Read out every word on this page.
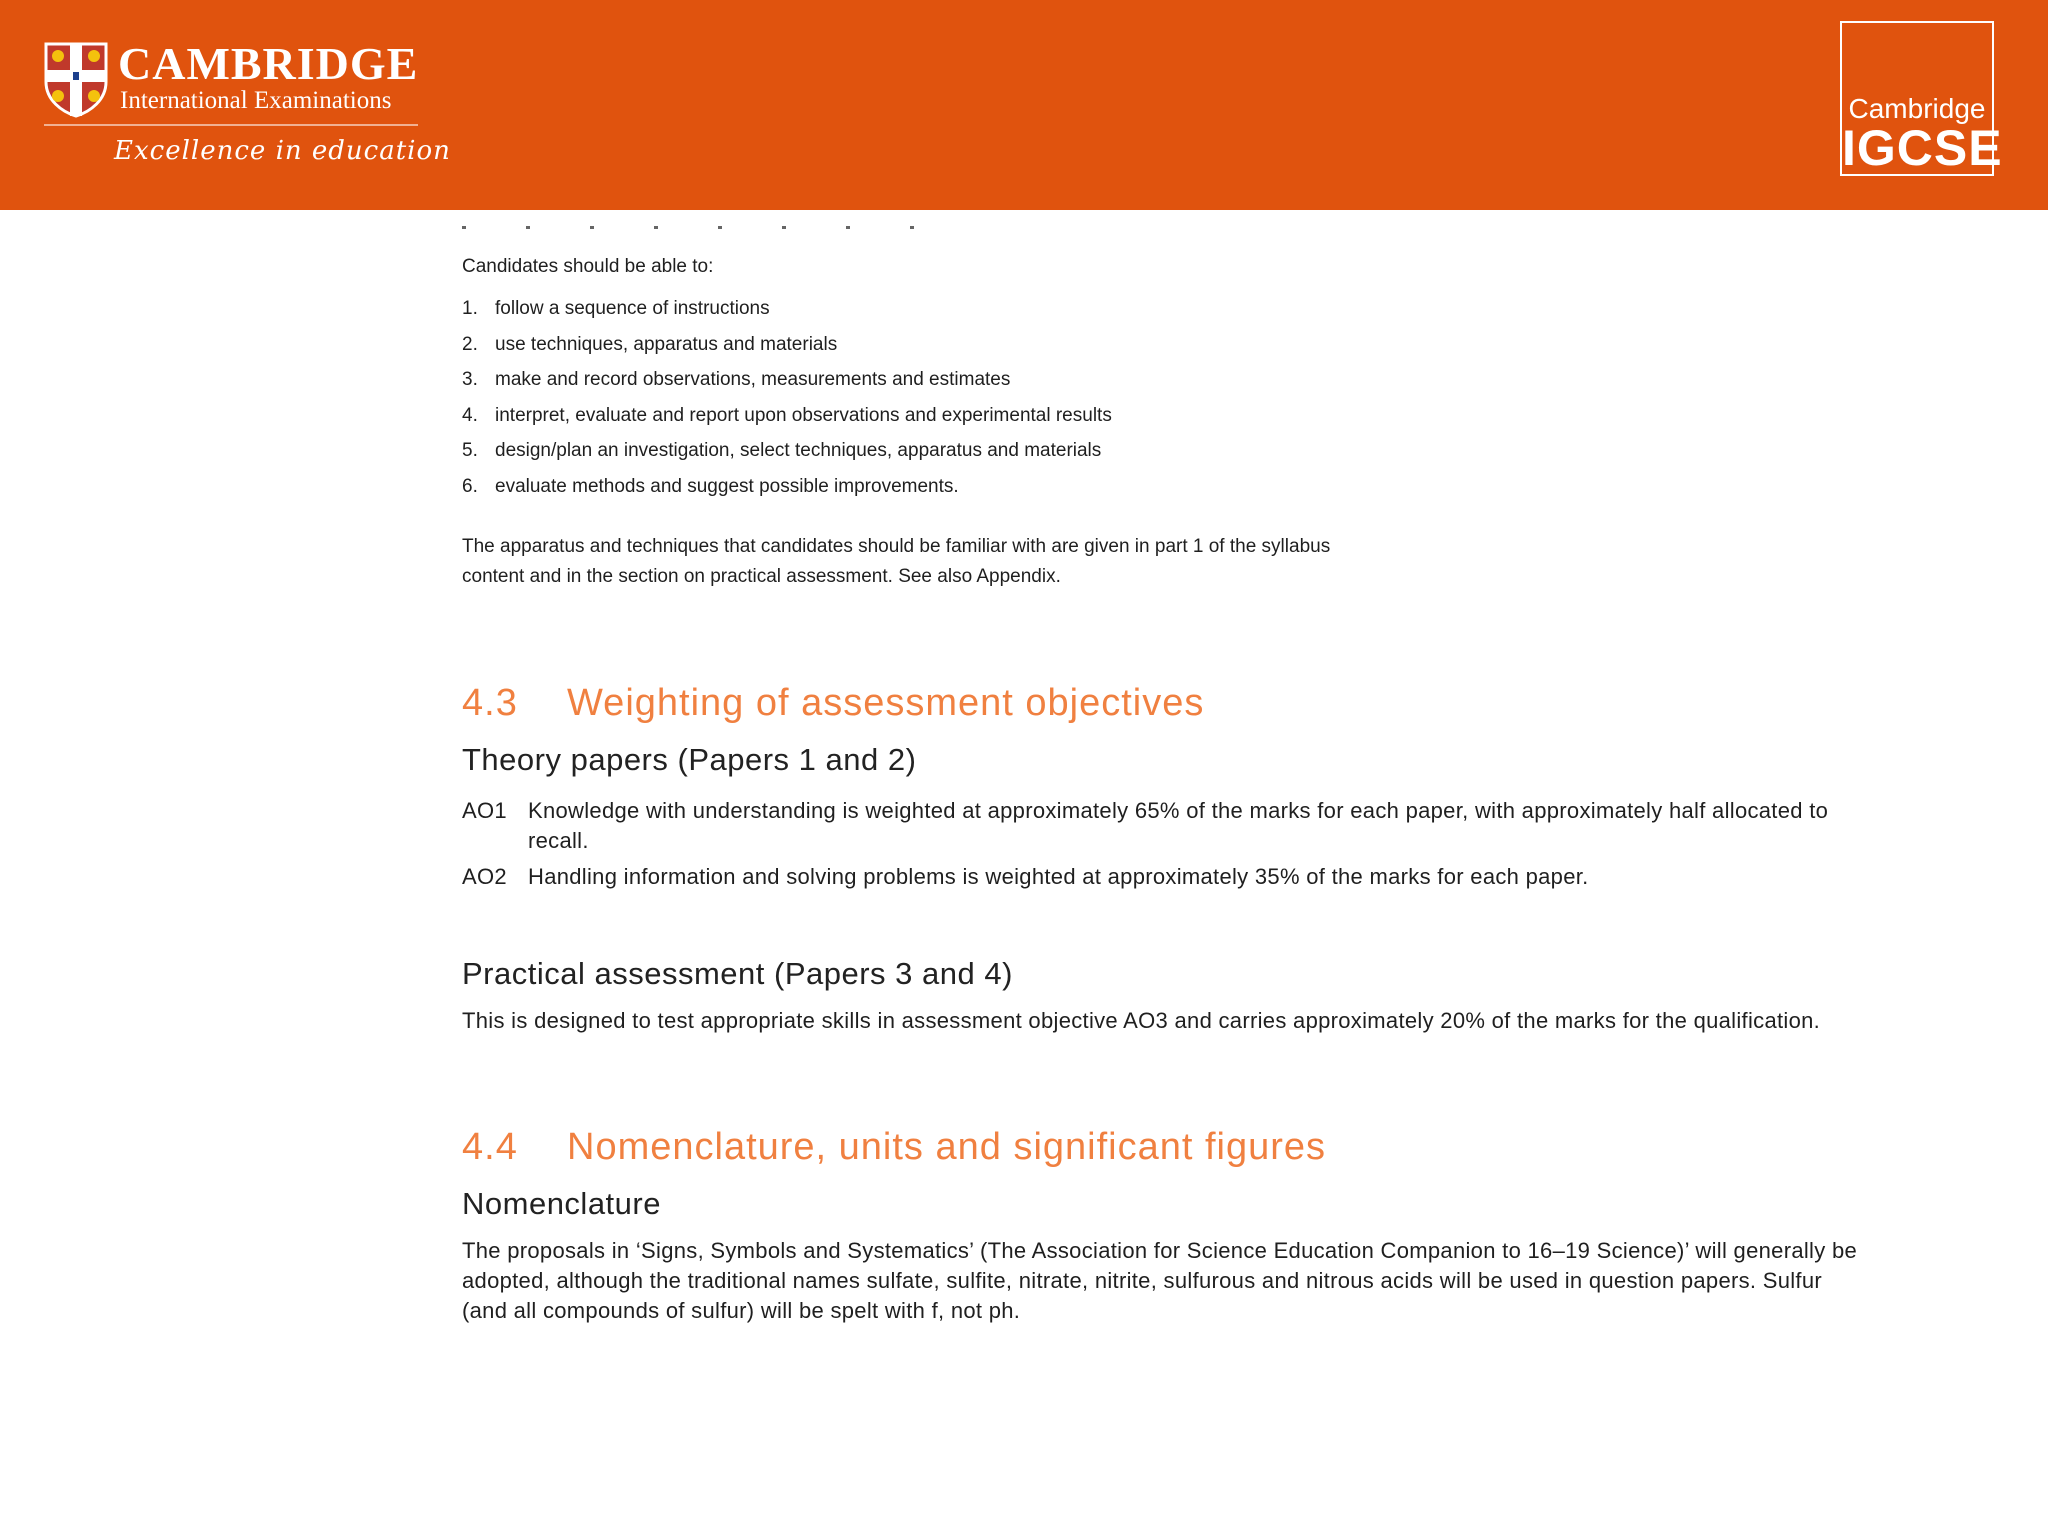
CAMBRIDGE
International Examinations
Excellence in education
Cambridge
IGCSE
Candidates should be able to:
1. follow a sequence of instructions
2. use techniques, apparatus and materials
3. make and record observations, measurements and estimates
4. interpret, evaluate and report upon observations and experimental results
5. design/plan an investigation, select techniques, apparatus and materials
6. evaluate methods and suggest possible improvements.
The apparatus and techniques that candidates should be familiar with are given in part 1 of the syllabus content and in the section on practical assessment. See also Appendix.
4.3 Weighting of assessment objectives
Theory papers (Papers 1 and 2)
AO1 Knowledge with understanding is weighted at approximately 65% of the marks for each paper, with approximately half allocated to recall.
AO2 Handling information and solving problems is weighted at approximately 35% of the marks for each paper.
Practical assessment (Papers 3 and 4)
This is designed to test appropriate skills in assessment objective AO3 and carries approximately 20% of the marks for the qualification.
4.4 Nomenclature, units and significant figures
Nomenclature
The proposals in ‘Signs, Symbols and Systematics’ (The Association for Science Education Companion to 16–19 Science)’ will generally be adopted, although the traditional names sulfate, sulfite, nitrate, nitrite, sulfurous and nitrous acids will be used in question papers. Sulfur (and all compounds of sulfur) will be spelt with f, not ph.
